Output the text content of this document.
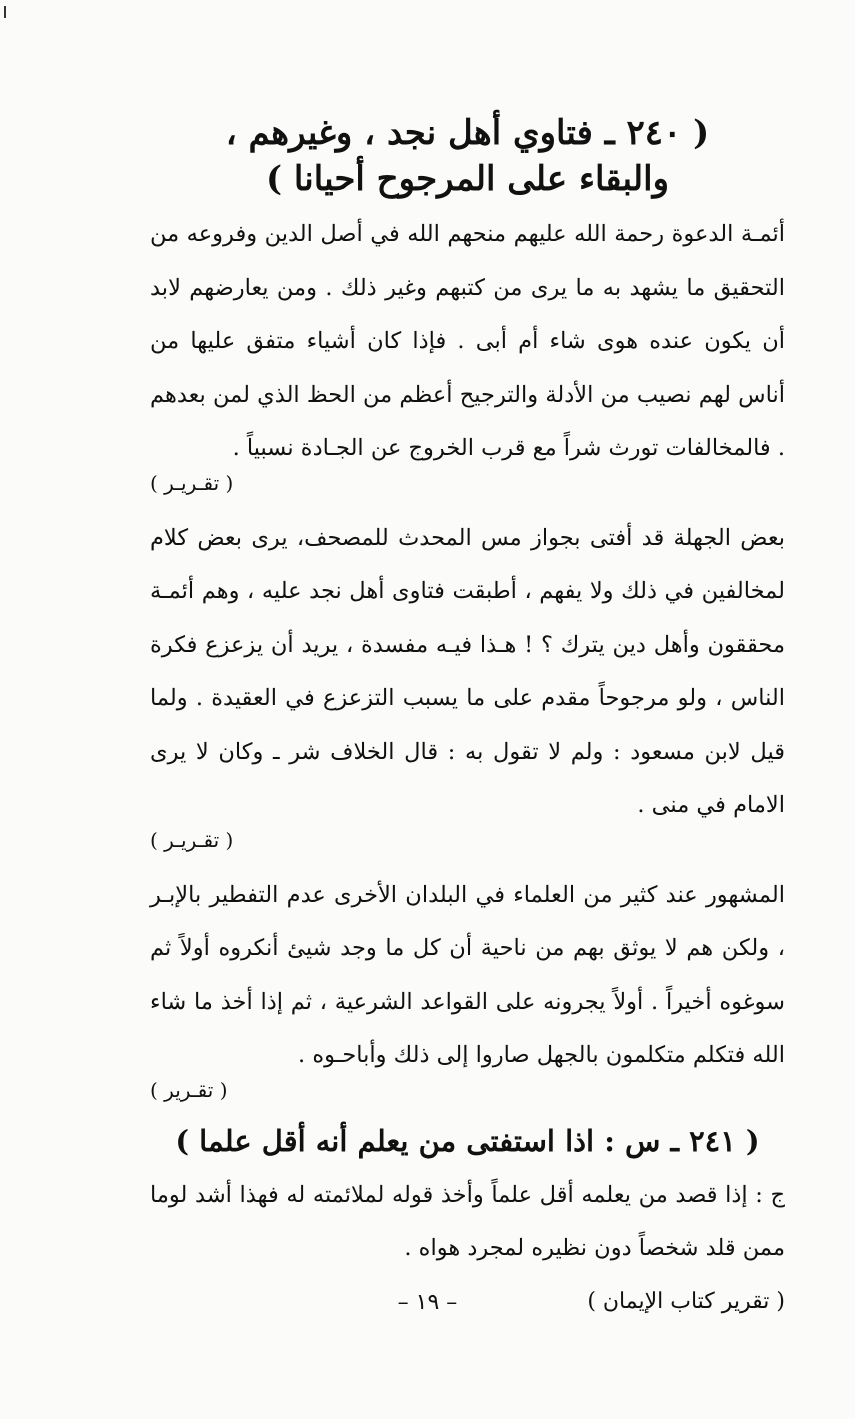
( ٢٤٠ ـ فتاوي أهل نجد ، وغيرهم ،
والبقاء على المرجوح أحيانا )

أئمـة الدعوة رحمة الله عليهم منحهم الله في أصل الدين وفروعه من التحقيق ما يشهد به ما يرى من كتبهم وغير ذلك . ومن يعارضهم لابد أن يكون عنده هوى شاء أم أبى . فإذا كان أشياء متفق عليها من أناس لهم نصيب من الأدلة والترجيح أعظم من الحظ الذي لمن بعدهم . فالمخالفات تورث شراً مع قرب الخروج عن الجـادة نسبياً .

( تقـريـر )

بعض الجهلة قد أفتى بجواز مس المحدث للمصحف، يرى بعض كلام لمخالفين في ذلك ولا يفهم ، أطبقت فتاوى أهل نجد عليه ، وهم أئمـة محققون وأهل دين يترك ؟ ! هـذا فيـه مفسدة ، يريد أن يزعزع فكرة الناس ، ولو مرجوحاً مقدم على ما يسبب التزعزع في العقيدة . ولما قيل لابن مسعود : ولم لا تقول به : قال الخلاف شر ـ وكان لا يرى الامام في منى .

( تقـريـر )

المشهور عند كثير من العلماء في البلدان الأخرى عدم التفطير بالإبـر ، ولكن هم لا يوثق بهم من ناحية أن كل ما وجد شيئ أنكروه أولاً ثم سوغوه أخيراً . أولاً يجرونه على القواعد الشرعية ، ثم إذا أخذ ما شاء الله فتكلم متكلمون بالجهل صاروا إلى ذلك وأباحـوه .

( تقـرير )
( ٢٤١ ـ س : اذا استفتى من يعلم أنه أقل علما )

ج : إذا قصد من يعلمه أقل علماً وأخذ قوله لملائمته له فهذا أشد لوما ممن قلد شخصاً دون نظيره لمجرد هواه .

( تقرير كتاب الإيمان )
– ١٩ –
